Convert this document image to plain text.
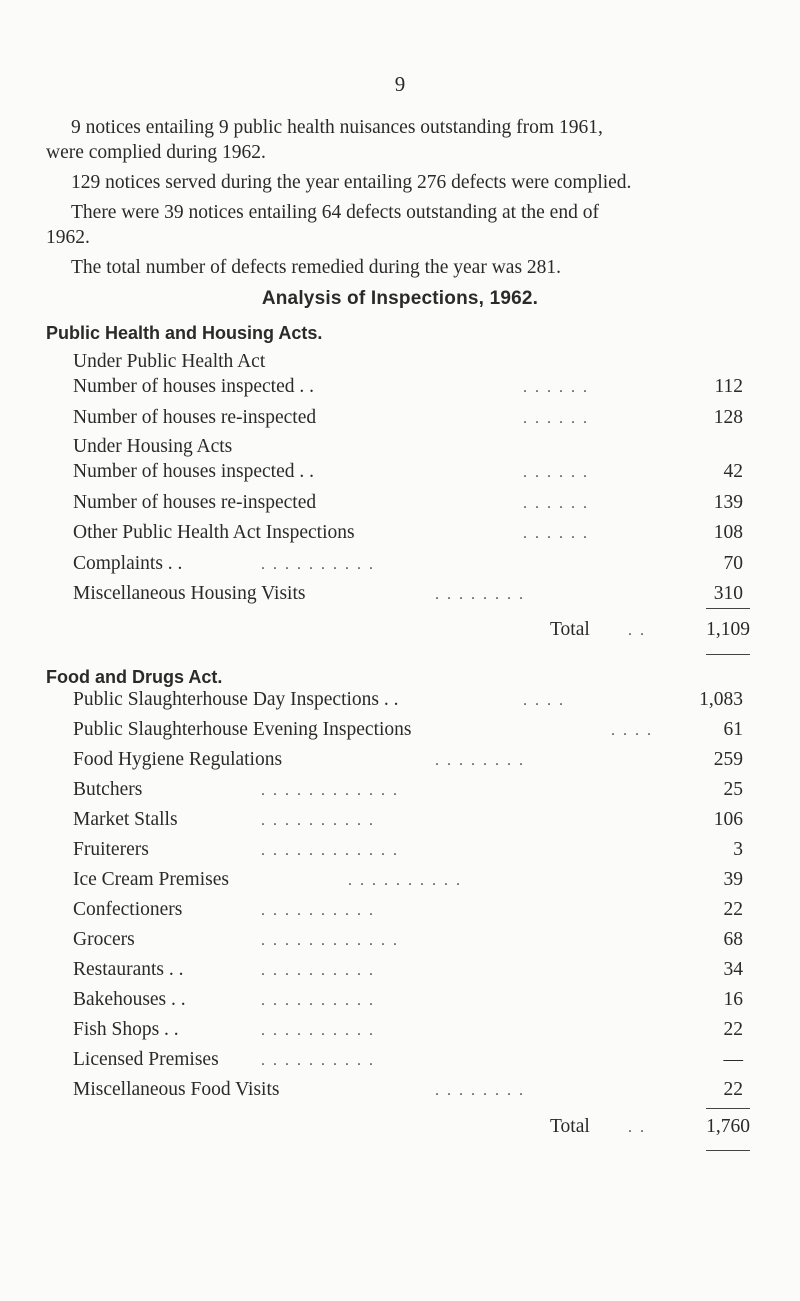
9

9 notices entailing 9 public health nuisances outstanding from 1961,

were complied during 1962.

129 notices served during the year entailing 276 defects were complied.

There were 39 notices entailing 64 defects outstanding at the end of

1962.

The total number of defects remedied during the year was 281.

Analysis of Inspections, 1962.
Public Health and Housing Acts.
Under Public Health Act
Number of houses inspected . .	. . . . . .	112
Number of houses re-inspected	. . . . . .	128
Under Housing Acts
Number of houses inspected . .	. . . . . .	42
Number of houses re-inspected	. . . . . .	139
Other Public Health Act Inspections	. . . . . .	108
Complaints . .	. . . . . . . . . .	70
Miscellaneous Housing Visits	. . . . . . . .	310
Total . .	1,109
Food and Drugs Act.
Public Slaughterhouse Day Inspections . .	. . . .	1,083
Public Slaughterhouse Evening Inspections	. . . .	61
Food Hygiene Regulations	. . . . . . . .	259
Butchers	. . . . . . . . . . . .	25
Market Stalls	. . . . . . . . . .	106
Fruiterers	. . . . . . . . . . . .	3
Ice Cream Premises	. . . . . . . . . .	39
Confectioners	. . . . . . . . . .	22
Grocers	. . . . . . . . . . . .	68
Restaurants . .	. . . . . . . . . .	34
Bakehouses . .	. . . . . . . . . .	16
Fish Shops . .	. . . . . . . . . .	22
Licensed Premises	. . . . . . . . . .	—
Miscellaneous Food Visits	. . . . . . . .	22
Total . .	1,760
